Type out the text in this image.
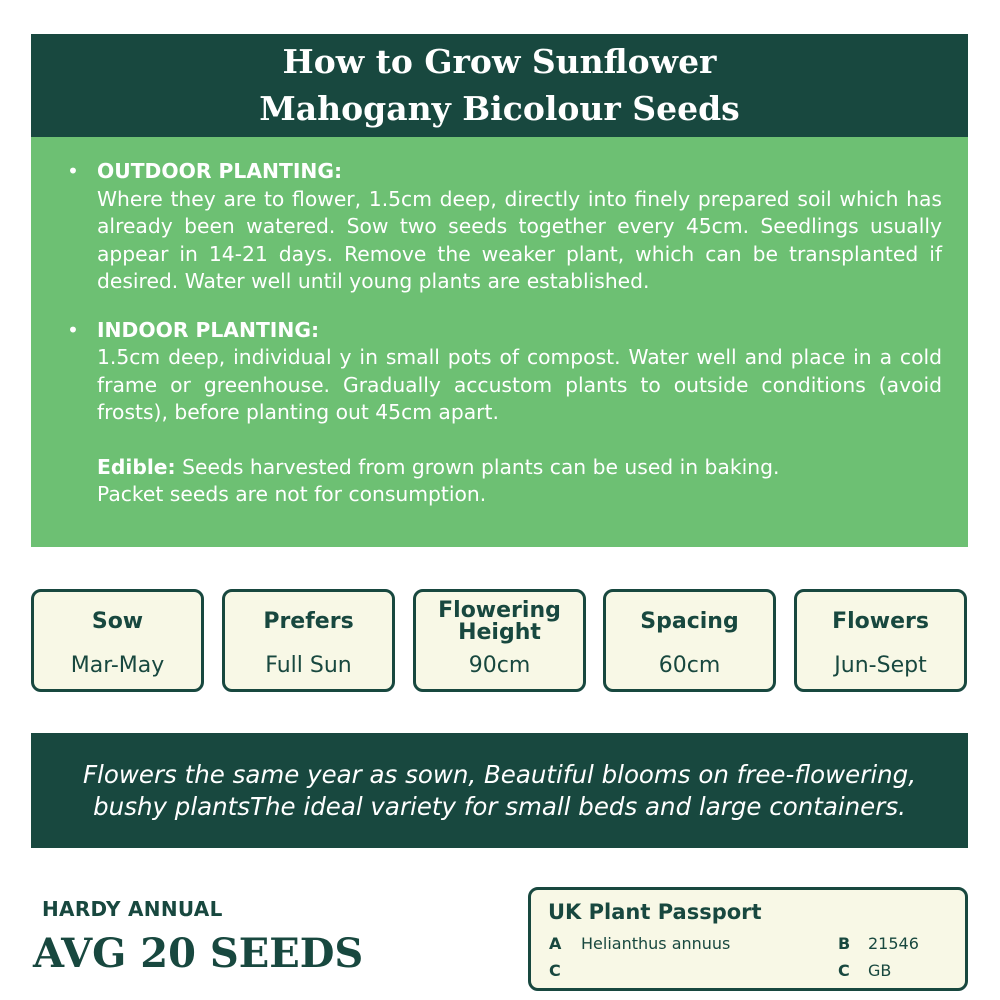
How to Grow Sunflower
Mahogany Bicolour Seeds
• OUTDOOR PLANTING:
Where they are to flower, 1.5cm deep, directly into finely prepared soil which has already been watered. Sow two seeds together every 45cm. Seedlings usually appear in 14-21 days. Remove the weaker plant, which can be transplanted if desired. Water well until young plants are established.
• INDOOR PLANTING:
1.5cm deep, individual y in small pots of compost. Water well and place in a cold frame or greenhouse. Gradually accustom plants to outside conditions (avoid frosts), before planting out 45cm apart.
Edible: Seeds harvested from grown plants can be used in baking.
Packet seeds are not for consumption.
Sow
Mar-May
Prefers
Full Sun
Flowering
Height
90cm
Spacing
60cm
Flowers
Jun-Sept
Flowers the same year as sown, Beautiful blooms on free-flowering,
bushy plantsThe ideal variety for small beds and large containers.
HARDY ANNUAL
AVG 20 SEEDS
UK Plant Passport
A Helianthus annuus	B 21546
C	C GB
